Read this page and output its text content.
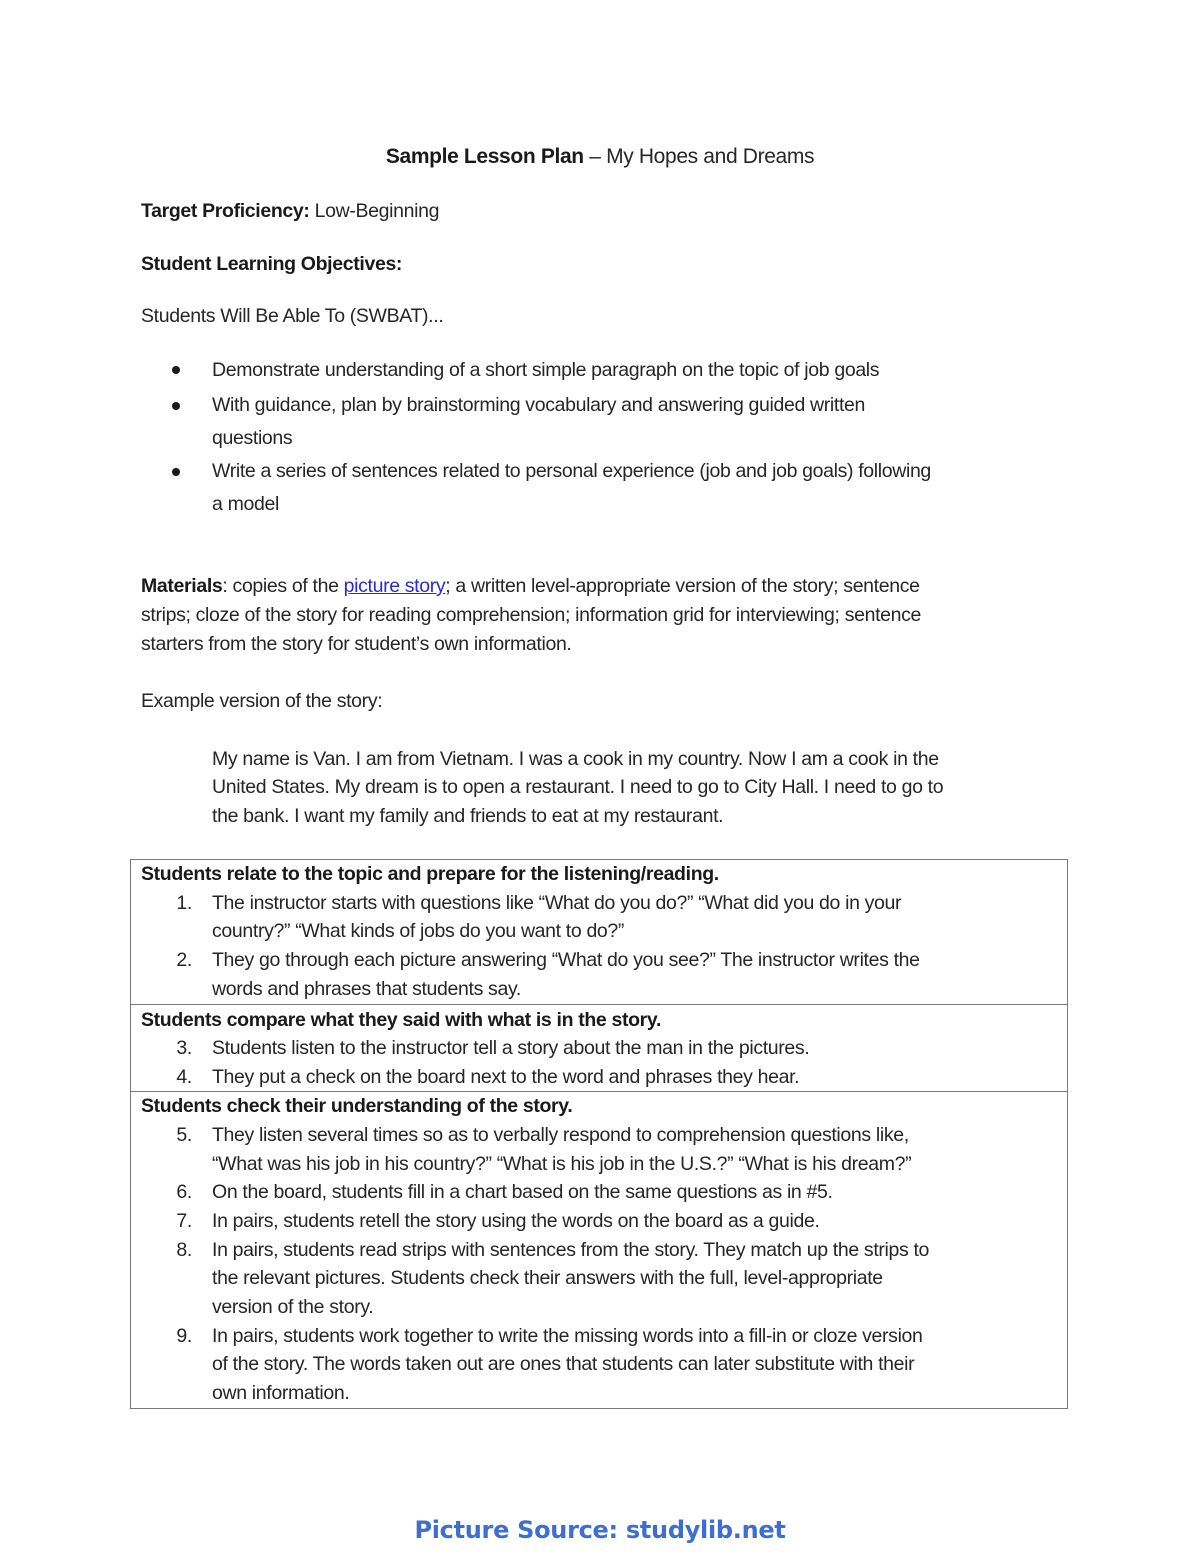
Sample Lesson Plan – My Hopes and Dreams
Target Proficiency: Low-Beginning
Student Learning Objectives:
Students Will Be Able To (SWBAT)...
Demonstrate understanding of a short simple paragraph on the topic of job goals
With guidance, plan by brainstorming vocabulary and answering guided written
questions
Write a series of sentences related to personal experience (job and job goals) following
a model
Materials: copies of the picture story; a written level-appropriate version of the story; sentence
strips; cloze of the story for reading comprehension; information grid for interviewing; sentence
starters from the story for student’s own information.
Example version of the story:
My name is Van. I am from Vietnam. I was a cook in my country. Now I am a cook in the
United States. My dream is to open a restaurant. I need to go to City Hall. I need to go to
the bank. I want my family and friends to eat at my restaurant.
Students relate to the topic and prepare for the listening/reading.
1. The instructor starts with questions like “What do you do?” “What did you do in your
country?” “What kinds of jobs do you want to do?”
2. They go through each picture answering “What do you see?” The instructor writes the
words and phrases that students say.
Students compare what they said with what is in the story.
3. Students listen to the instructor tell a story about the man in the pictures.
4. They put a check on the board next to the word and phrases they hear.
Students check their understanding of the story.
5. They listen several times so as to verbally respond to comprehension questions like,
“What was his job in his country?” “What is his job in the U.S.?” “What is his dream?”
6. On the board, students fill in a chart based on the same questions as in #5.
7. In pairs, students retell the story using the words on the board as a guide.
8. In pairs, students read strips with sentences from the story. They match up the strips to
the relevant pictures. Students check their answers with the full, level-appropriate
version of the story.
9. In pairs, students work together to write the missing words into a fill-in or cloze version
of the story. The words taken out are ones that students can later substitute with their
own information.
Picture Source: studylib.net
